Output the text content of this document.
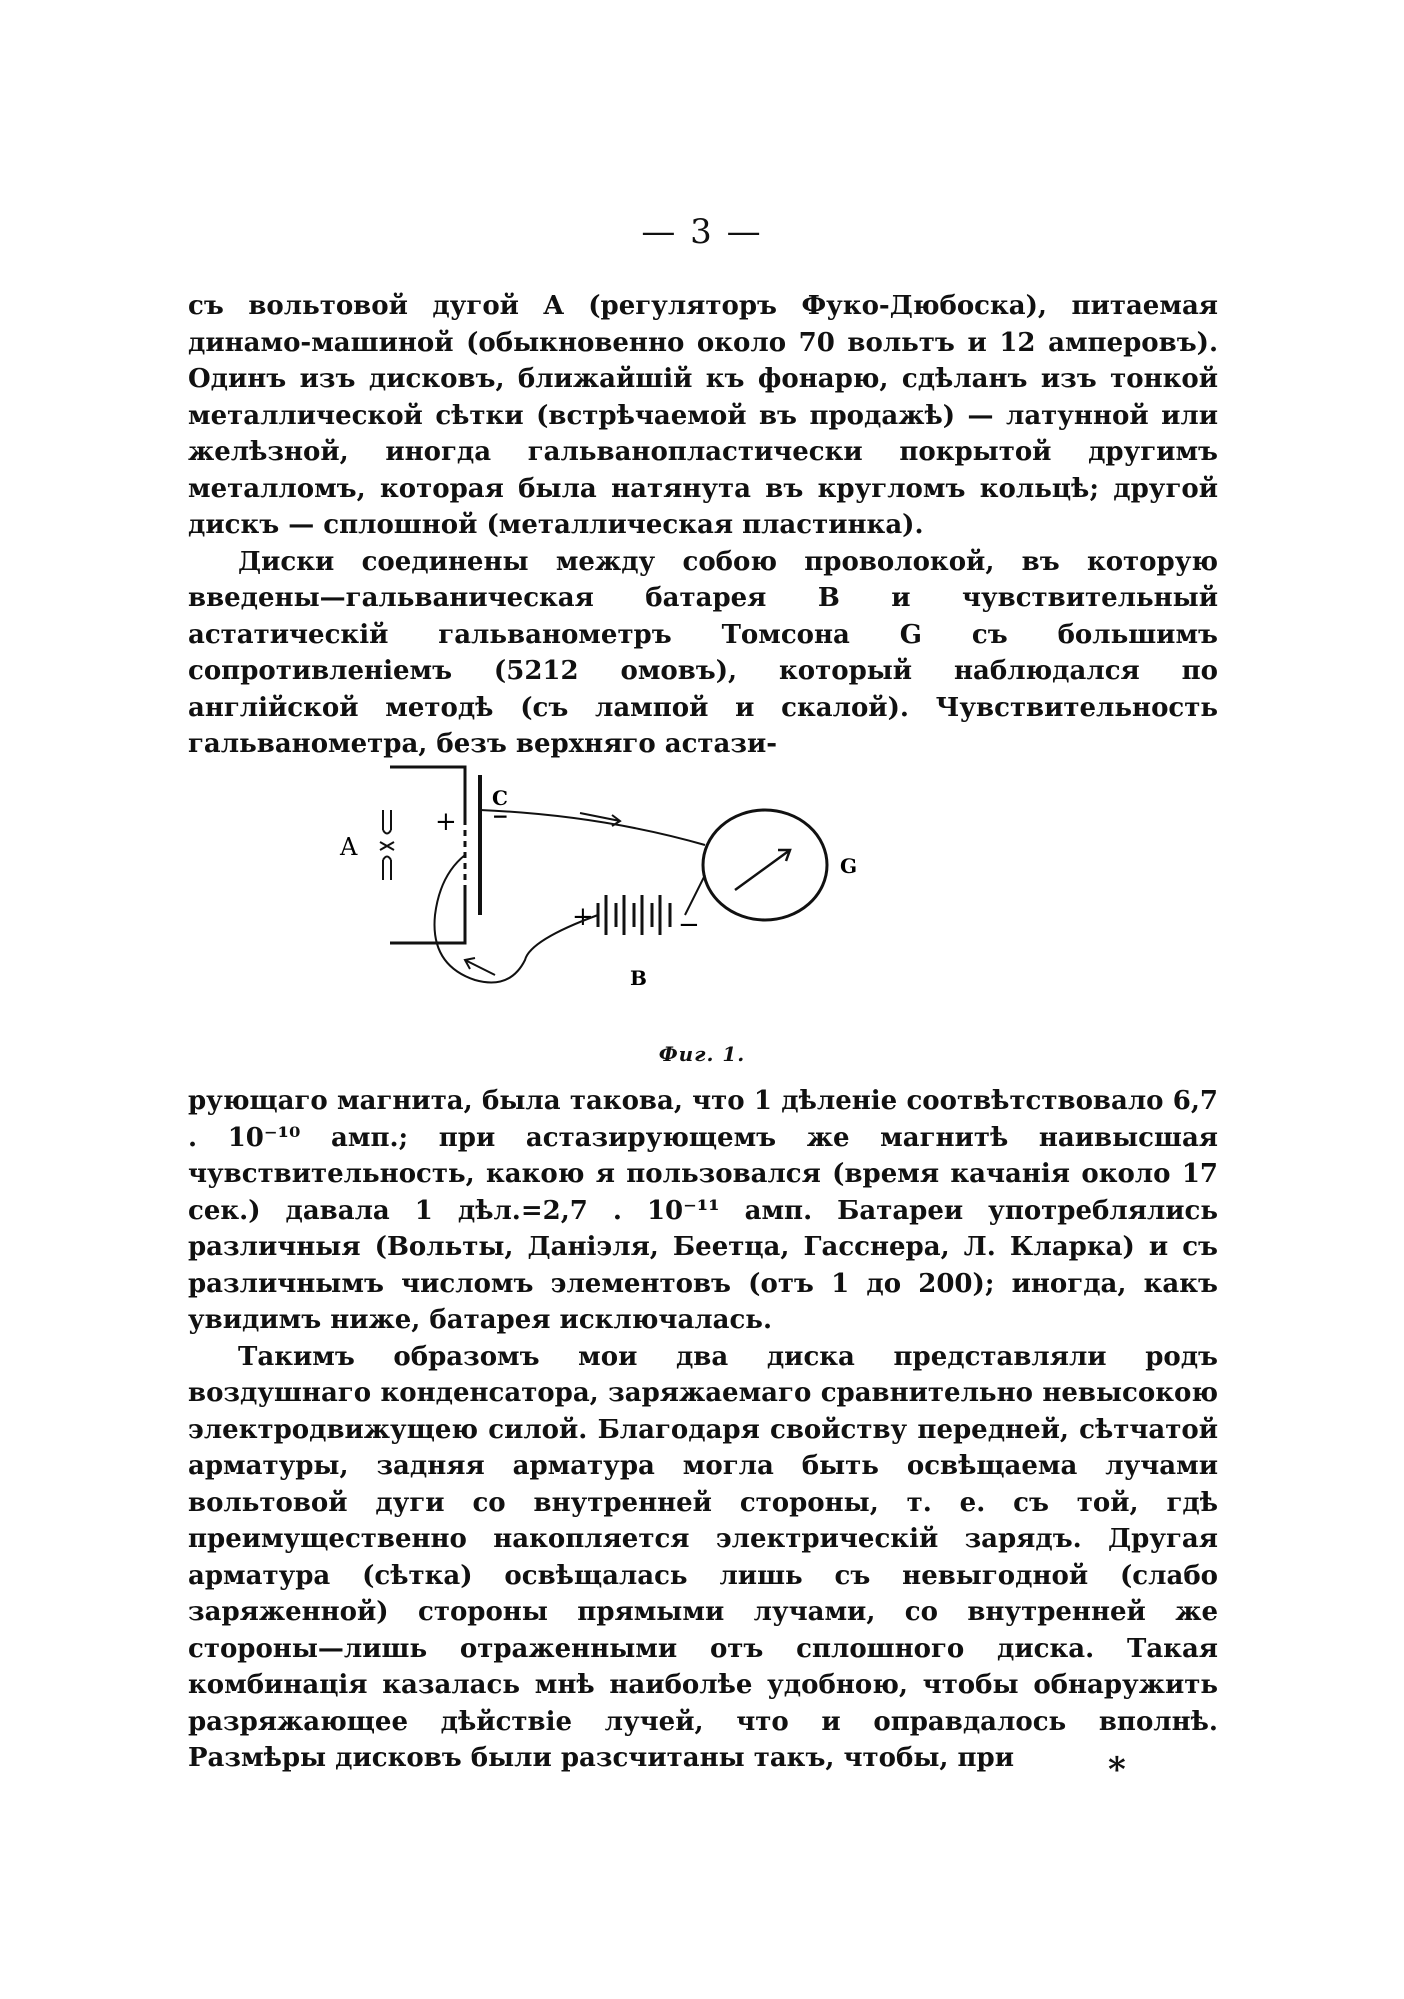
— 3 —

съ вольтовой дугой A (регуляторъ Фуко-Дюбоска), питаемая динамо-машиной (обыкновенно около 70 вольтъ и 12 амперовъ). Одинъ изъ дисковъ, ближайшій къ фонарю, сдѣланъ изъ тонкой металлической сѣтки (встрѣчаемой въ продажѣ) — латунной или желѣзной, иногда гальванопластически покрытой другимъ металломъ, которая была натянута въ кругломъ кольцѣ; другой дискъ — сплошной (металлическая пластинка).

Диски соединены между собою проволокой, въ которую введены—гальваническая батарея B и чувствительный астатическій гальванометръ Томсона G съ большимъ сопротивленіемъ (5212 омовъ), который наблюдался по англійской методѣ (съ лампой и скалой). Чувствительность гальванометра, безъ верхняго астази-

A
+
C
−
G
+	−
B
Фиг. 1.

рующаго магнита, была такова, что 1 дѣленіе соотвѣтствовало 6,7 . 10⁻¹⁰ амп.; при астазирующемъ же магнитѣ наивысшая чувствительность, какою я пользовался (время качанія около 17 сек.) давала 1 дѣл.=2,7 . 10⁻¹¹ амп. Батареи употреблялись различныя (Вольты, Даніэля, Беетца, Гасснера, Л. Кларка) и съ различнымъ числомъ элементовъ (отъ 1 до 200); иногда, какъ увидимъ ниже, батарея исключалась.

Такимъ образомъ мои два диска представляли родъ воздушнаго конденсатора, заряжаемаго сравнительно невысокою электродвижущею силой. Благодаря свойству передней, сѣтчатой арматуры, задняя арматура могла быть освѣщаема лучами вольтовой дуги со внутренней стороны, т. е. съ той, гдѣ преимущественно накопляется электрическій зарядъ. Другая арматура (сѣтка) освѣщалась лишь съ невыгодной (слабо заряженной) стороны прямыми лучами, со внутренней же стороны—лишь отраженными отъ сплошного диска. Такая комбинація казалась мнѣ наиболѣе удобною, чтобы обнаружить разряжающее дѣйствіе лучей, что и оправдалось вполнѣ. Размѣры дисковъ были разсчитаны такъ, чтобы, при	*
